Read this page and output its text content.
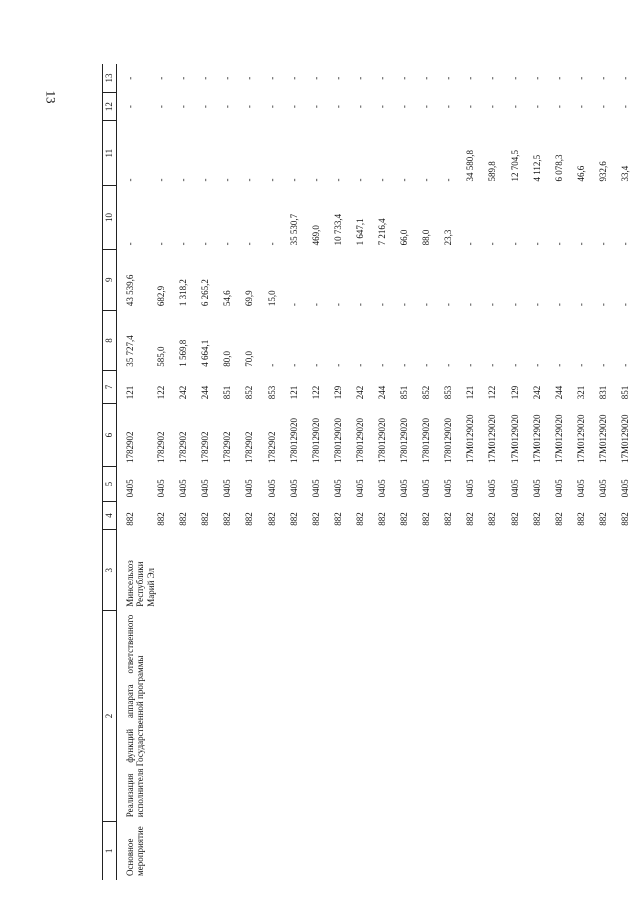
13
1	2	3	4	5	6	7	8	9	10	11	12	13
Основное мероприятие	Реализация функций аппарата ответственного исполнителя Государственной программы	Минсельхоз Республики Марий Эл	882	0405	1782902	121	35 727,4	43 539,6	-	-	-	-
			882	0405	1782902	122	585,0	682,9	-	-	-	-
			882	0405	1782902	242	1 569,8	1 318,2	-	-	-	-
			882	0405	1782902	244	4 664,1	6 265,2	-	-	-	-
			882	0405	1782902	851	80,0	54,6	-	-	-	-
			882	0405	1782902	852	70,0	69,9	-	-	-	-
			882	0405	1782902	853	-	15,0	-	-	-	-
			882	0405	1780129020	121	-	-	35 530,7	-	-	-
			882	0405	1780129020	122	-	-	469,0	-	-	-
			882	0405	1780129020	129	-	-	10 733,4	-	-	-
			882	0405	1780129020	242	-	-	1 647,1	-	-	-
			882	0405	1780129020	244	-	-	7 216,4	-	-	-
			882	0405	1780129020	851	-	-	66,0	-	-	-
			882	0405	1780129020	852	-	-	88,0	-	-	-
			882	0405	1780129020	853	-	-	23,3	-	-	-
			882	0405	17M0129020	121	-	-	-	34 580,8	-	-
			882	0405	17M0129020	122	-	-	-	589,8	-	-
			882	0405	17M0129020	129	-	-	-	12 704,5	-	-
			882	0405	17M0129020	242	-	-	-	4 112,5	-	-
			882	0405	17M0129020	244	-	-	-	6 078,3	-	-
			882	0405	17M0129020	321	-	-	-	46,6	-	-
			882	0405	17M0129020	831	-	-	-	932,6	-	-
			882	0405	17M0129020	851	-	-	-	33,4	-	-
